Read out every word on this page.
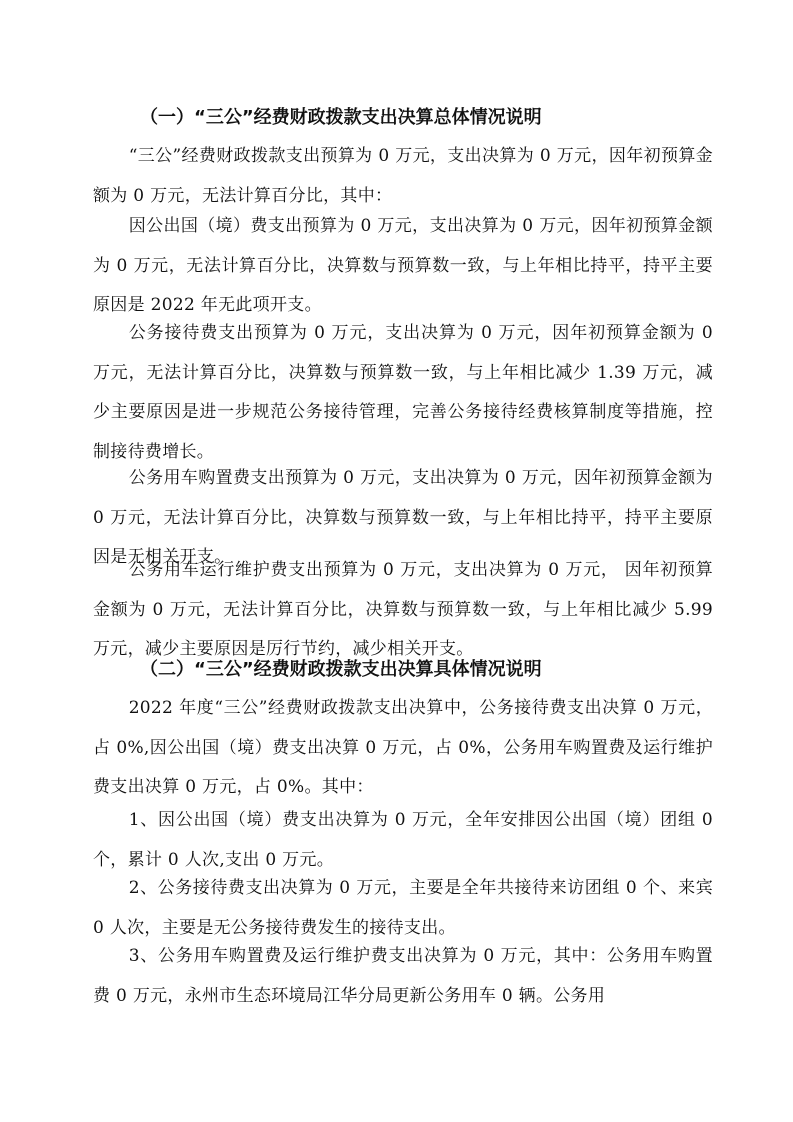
（一）“三公”经费财政拨款支出决算总体情况说明
“三公”经费财政拨款支出预算为 0 万元，支出决算为 0 万元，因年初预算金额为 0 万元，无法计算百分比，其中：
因公出国（境）费支出预算为 0 万元，支出决算为 0 万元，因年初预算金额为 0 万元，无法计算百分比，决算数与预算数一致，与上年相比持平，持平主要原因是 2022 年无此项开支。
公务接待费支出预算为 0 万元，支出决算为 0 万元，因年初预算金额为 0 万元，无法计算百分比，决算数与预算数一致，与上年相比减少 1.39 万元，减少主要原因是进一步规范公务接待管理，完善公务接待经费核算制度等措施，控制接待费增长。
公务用车购置费支出预算为 0 万元，支出决算为 0 万元，因年初预算金额为 0 万元，无法计算百分比，决算数与预算数一致，与上年相比持平，持平主要原因是无相关开支。
公务用车运行维护费支出预算为 0 万元，支出决算为 0 万元， 因年初预算金额为 0 万元，无法计算百分比，决算数与预算数一致，与上年相比减少 5.99 万元，减少主要原因是厉行节约，减少相关开支。
（二）“三公”经费财政拨款支出决算具体情况说明
2022 年度“三公”经费财政拨款支出决算中，公务接待费支出决算 0 万元，占 0%,因公出国（境）费支出决算 0 万元，占 0%，公务用车购置费及运行维护费支出决算 0 万元，占 0%。其中：
1、因公出国（境）费支出决算为 0 万元，全年安排因公出国（境）团组 0 个，累计 0 人次,支出 0 万元。
2、公务接待费支出决算为 0 万元，主要是全年共接待来访团组 0 个、来宾 0 人次，主要是无公务接待费发生的接待支出。
3、公务用车购置费及运行维护费支出决算为 0 万元，其中：公务用车购置费 0 万元，永州市生态环境局江华分局更新公务用车 0 辆。公务用
